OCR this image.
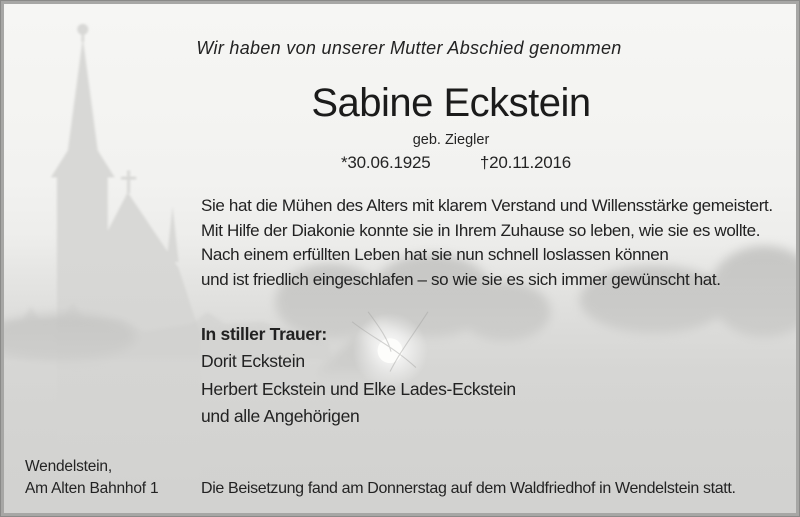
Wir haben von unserer Mutter Abschied genommen
Sabine Eckstein
geb. Ziegler
*30.06.1925	†20.11.2016
Sie hat die Mühen des Alters mit klarem Verstand und Willensstärke gemeistert.
Mit Hilfe der Diakonie konnte sie in Ihrem Zuhause so leben, wie sie es wollte.
Nach einem erfüllten Leben hat sie nun schnell loslassen können
und ist friedlich eingeschlafen – so wie sie es sich immer gewünscht hat.
In stiller Trauer:
Dorit Eckstein
Herbert Eckstein und Elke Lades-Eckstein
und alle Angehörigen
Wendelstein,
Am Alten Bahnhof 1	Die Beisetzung fand am Donnerstag auf dem Waldfriedhof in Wendelstein statt.
